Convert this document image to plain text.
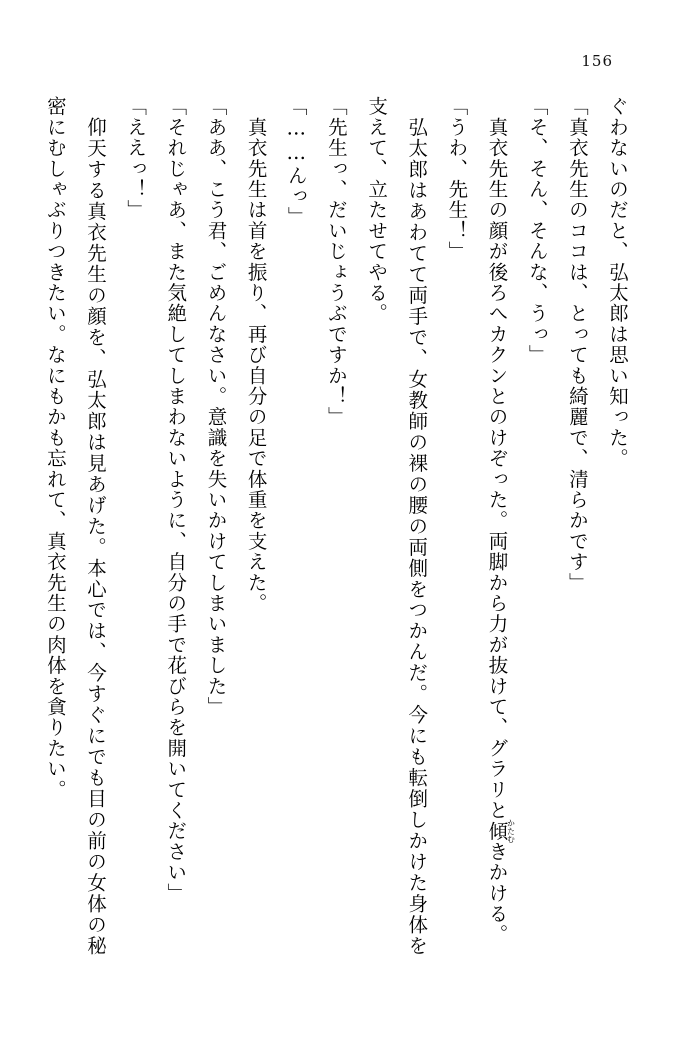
156

ぐわないのだと、弘太郎は思い知った。

「真衣先生のココは、とっても綺麗で、清らかです」

「そ、そん、そんな、うっ」

　真衣先生の顔が後ろへカクンとのけぞった。両脚から力が抜けて、グラリと傾かたむきかける。

「うわ、先生！」

　弘太郎はあわてて両手で、女教師の裸の腰の両側をつかんだ。今にも転倒しかけた身体を支えて、立たせてやる。

「先生っ、だいじょうぶですか！」

「……んっ」

　真衣先生は首を振り、再び自分の足で体重を支えた。

「ああ、こう君、ごめんなさい。意識を失いかけてしまいました」

「それじゃあ、また気絶してしまわないように、自分の手で花びらを開いてください」

「ええっ！」

　仰天する真衣先生の顔を、弘太郎は見あげた。本心では、今すぐにでも目の前の女体の秘密にむしゃぶりつきたい。なにもかも忘れて、真衣先生の肉体を貪りたい。
